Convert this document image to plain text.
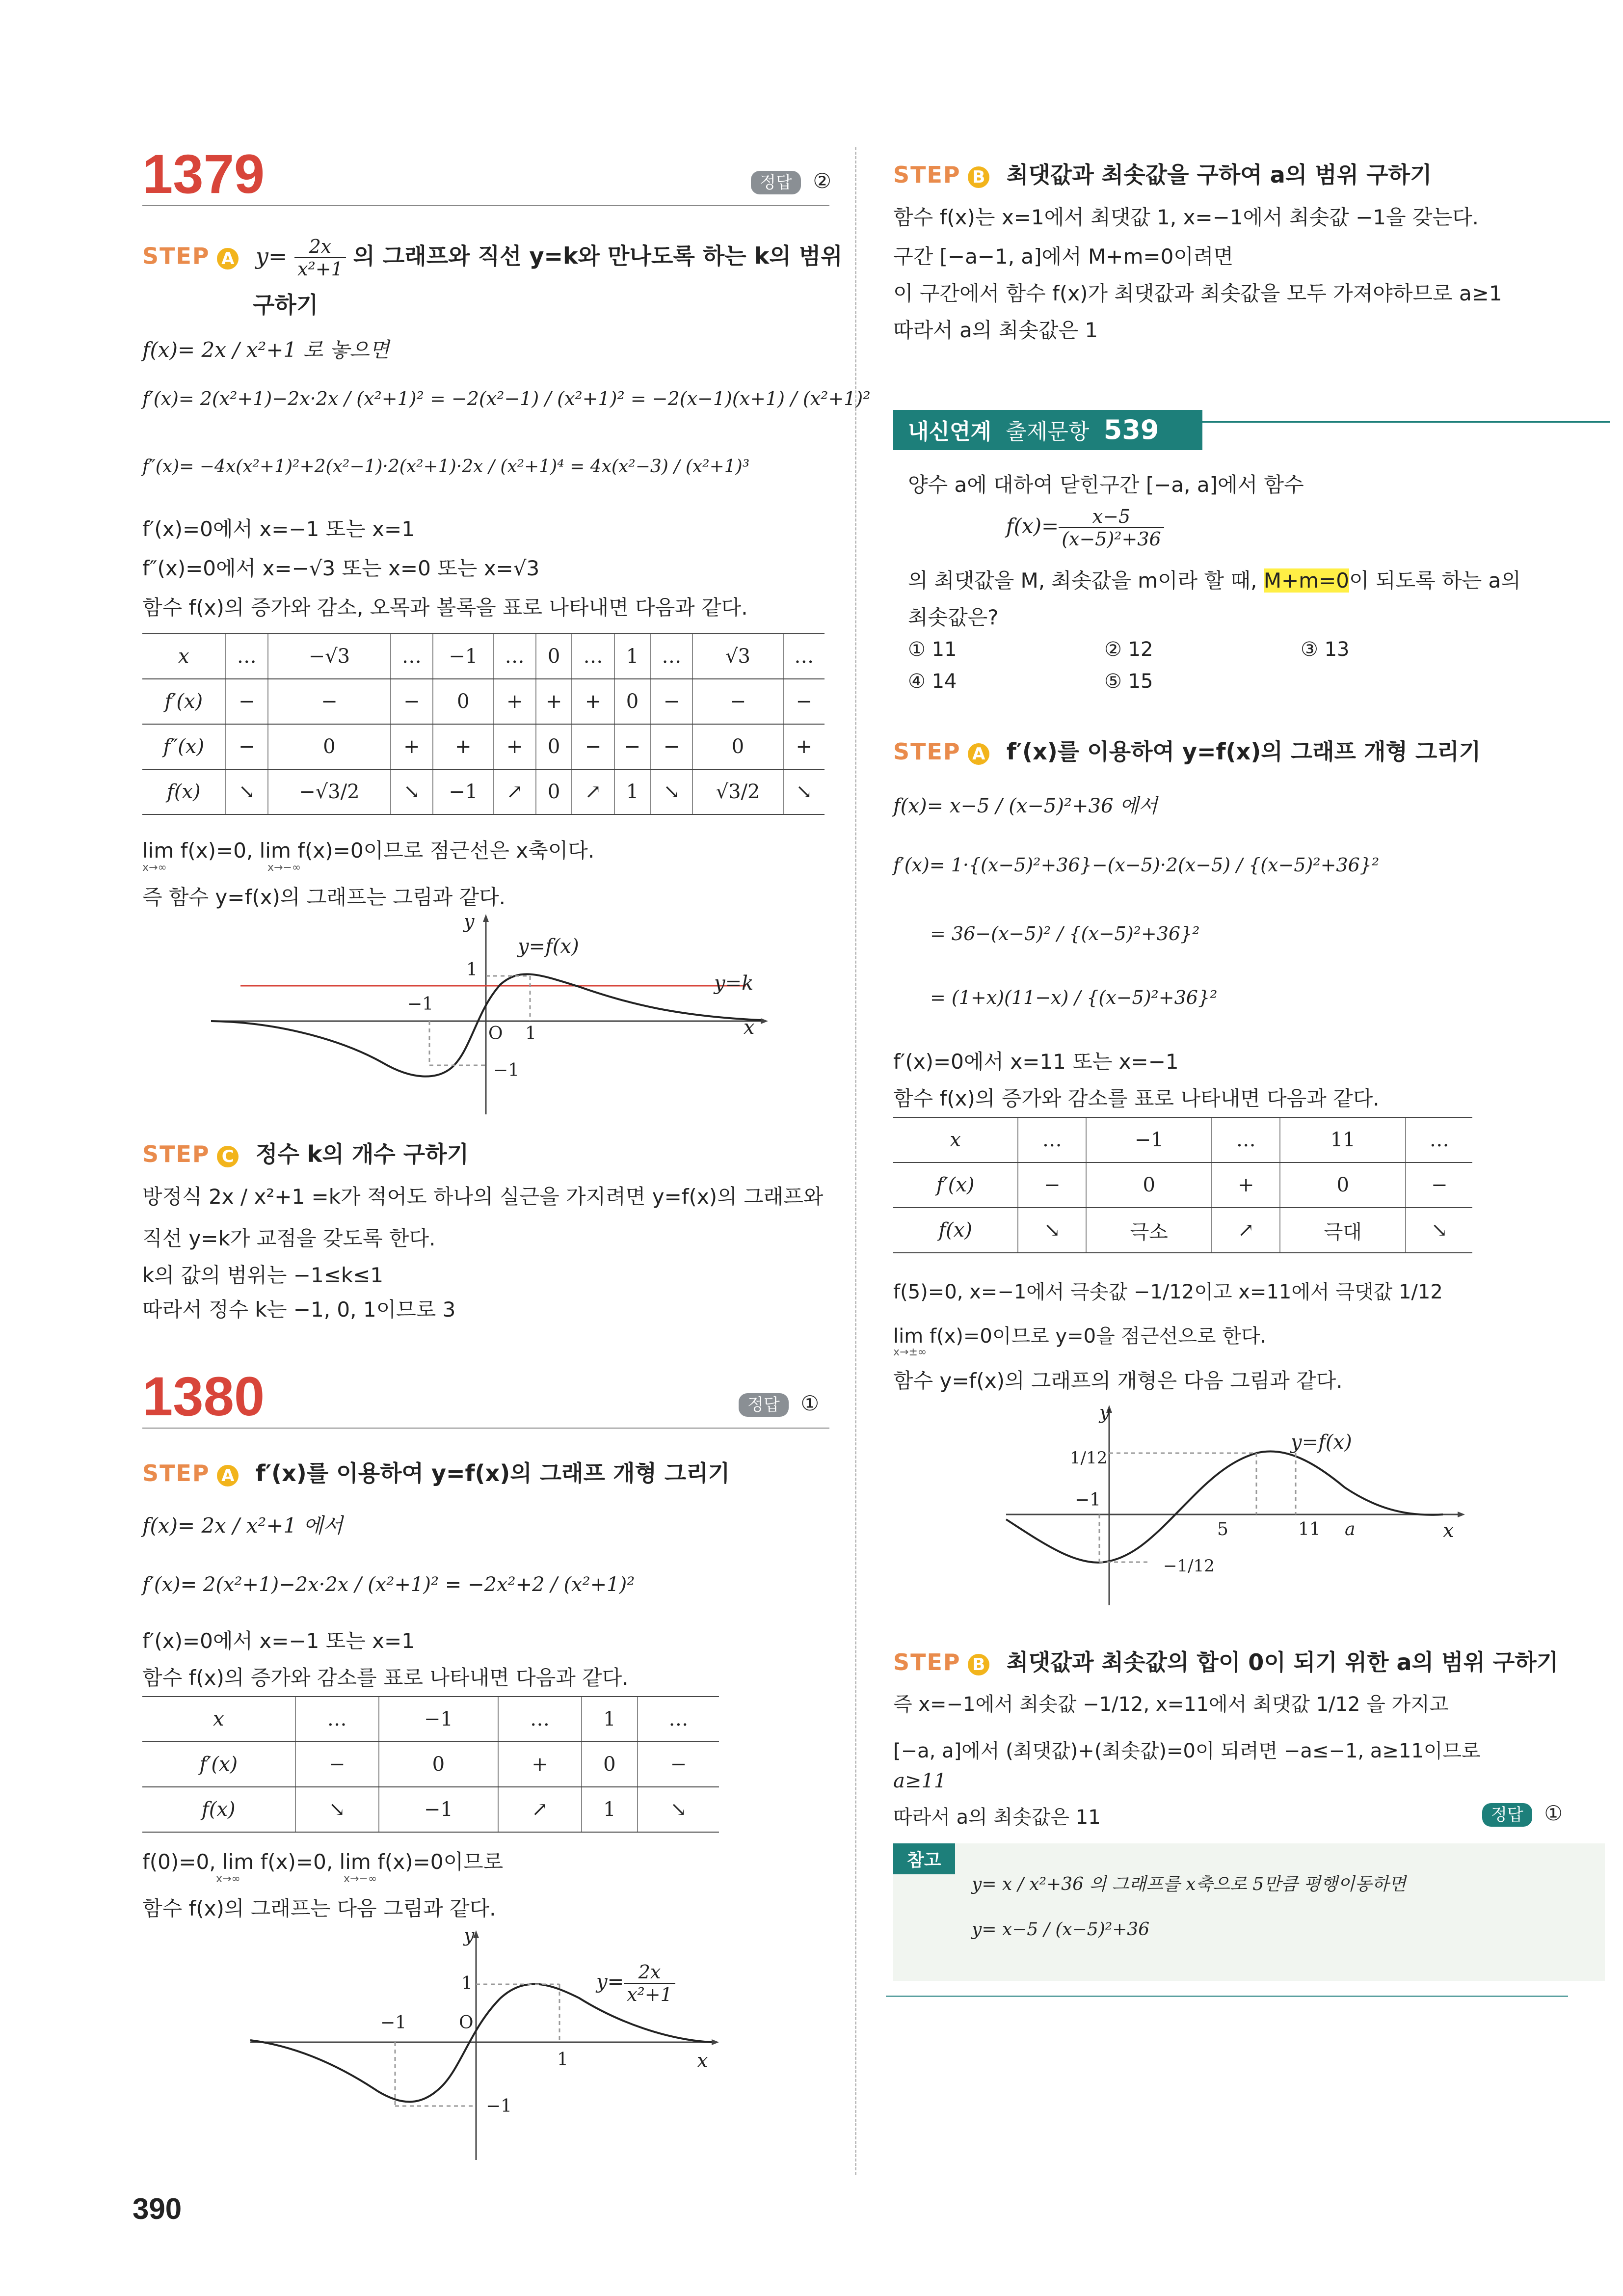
1379	정답 ②
STEP A $y= \frac{2x}{\text{x²+1}}$ 의 그래프와 직선 y=k와 만나도록 하는 k의 범위
구하기
f(x)= 2x / x²+1 로 놓으면
f′(x)= 2(x²+1)−2x·2x / (x²+1)² = −2(x²−1) / (x²+1)² = −2(x−1)(x+1) / (x²+1)²
f″(x)= −4x(x²+1)²+2(x²−1)·2(x²+1)·2x / (x²+1)⁴ = 4x(x²−3) / (x²+1)³
f′(x)=0에서 x=−1 또는 x=1
f″(x)=0에서 x=−√3 또는 x=0 또는 x=√3
함수 f(x)의 증가와 감소, 오목과 볼록을 표로 나타내면 다음과 같다.
x	…	−√3	…	−1	…	0	…	1	…	√3	…
f′(x)	−	−	−	0	+	+	+	0	−	−	−
f″(x)	−	0	+	+	+	0	−	−	−	0	+
f(x)	↘	−√3/2	↘	−1	↗	0	↗	1	↘	√3/2	↘
lim f(x)=0, lim f(x)=0이므로 점근선은 x축이다.
x→∞	x→−∞
즉 함수 y=f(x)의 그래프는 그림과 같다.
y
y=f(x)
y=k
x
1
−1
O 1
−1
STEP C 정수 k의 개수 구하기
방정식 2x / x²+1 =k가 적어도 하나의 실근을 가지려면 y=f(x)의 그래프와
직선 y=k가 교점을 갖도록 한다.
k의 값의 범위는 −1≤k≤1
따라서 정수 k는 −1, 0, 1이므로 3
1380	정답 ①
STEP A f′(x)를 이용하여 y=f(x)의 그래프 개형 그리기
f(x)= 2x / x²+1 에서
f′(x)= 2(x²+1)−2x·2x / (x²+1)² = −2x²+2 / (x²+1)²
f′(x)=0에서 x=−1 또는 x=1
함수 f(x)의 증가와 감소를 표로 나타내면 다음과 같다.
x	…	−1	…	1	…
f′(x)	−	0	+	0	−
f(x)	↘	−1	↗	1	↘
f(0)=0, lim f(x)=0, lim f(x)=0이므로
x→∞	x→−∞
함수 f(x)의 그래프는 다음 그림과 같다.
y
$y= \frac{2x}{\text{x²+1}}$
1
−1	O
1	x
−1
390
STEP B 최댓값과 최솟값을 구하여 a의 범위 구하기
함수 f(x)는 x=1에서 최댓값 1, x=−1에서 최솟값 −1을 갖는다.
구간 [−a−1, a]에서 M+m=0이려면
이 구간에서 함수 f(x)가 최댓값과 최솟값을 모두 가져야하므로 a≥1
따라서 a의 최솟값은 1
내신연계 출제문항 539
양수 a에 대하여 닫힌구간 [−a, a]에서 함수
$f(x)= \frac{x-5}{\text{(x−5)²+36}}$
의 최댓값을 M, 최솟값을 m이라 할 때, M+m=0이 되도록 하는 a의
최솟값은?
① 11	② 12	③ 13
④ 14	⑤ 15
STEP A f′(x)를 이용하여 y=f(x)의 그래프 개형 그리기
f(x)= x−5 / (x−5)²+36 에서
f′(x)= 1·{(x−5)²+36}−(x−5)·2(x−5) / {(x−5)²+36}²
= 36−(x−5)² / {(x−5)²+36}²
= (1+x)(11−x) / {(x−5)²+36}²
f′(x)=0에서 x=11 또는 x=−1
함수 f(x)의 증가와 감소를 표로 나타내면 다음과 같다.
x	…	−1	…	11	…
f′(x)	−	0	+	0	−
f(x)	↘	극소	↗	극대	↘
f(5)=0, x=−1에서 극솟값 −1/12이고 x=11에서 극댓값 1/12
lim f(x)=0이므로 y=0을 점근선으로 한다.
x→±∞
함수 y=f(x)의 그래프의 개형은 다음 그림과 같다.
y
y=f(x)
1/12
−1
5	11 a	x
−1/12
STEP B 최댓값과 최솟값의 합이 0이 되기 위한 a의 범위 구하기
즉 x=−1에서 최솟값 −1/12, x=11에서 최댓값 1/12 을 가지고
[−a, a]에서 (최댓값)+(최솟값)=0이 되려면 −a≤−1, a≥11이므로
a≥11
따라서 a의 최솟값은 11	정답 ①
참고
y= x / x²+36 의 그래프를 x축으로 5만큼 평행이동하면
y= x−5 / (x−5)²+36
